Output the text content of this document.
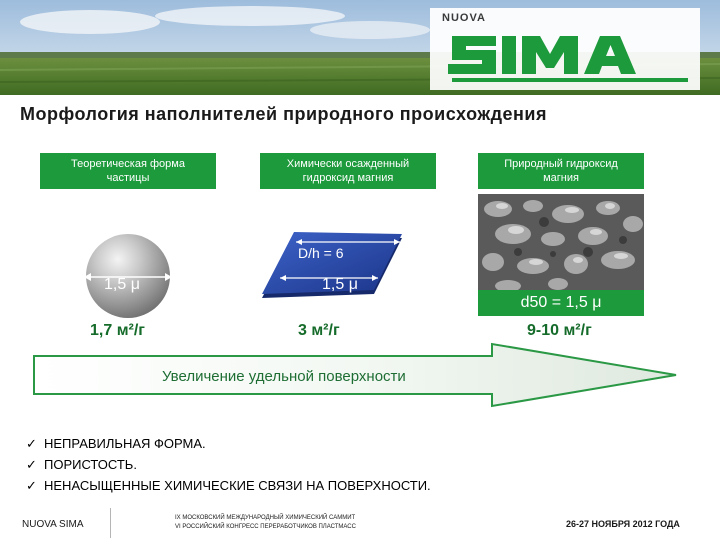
NUOVA
Морфология наполнителей природного происхождения
Теоретическая форма частицы
Химически осажденный гидроксид магния
Природный гидроксид магния
1,5 μ
D/h = 6
1,5 μ
d50 = 1,5 μ
1,7 м²/г	3 м²/г	9-10 м²/г
Увеличение удельной поверхности
✓ НЕПРАВИЛЬНАЯ ФОРМА.
✓ ПОРИСТОСТЬ.
✓ НЕНАСЫЩЕННЫЕ ХИМИЧЕСКИЕ СВЯЗИ НА ПОВЕРХНОСТИ.
NUOVA SIMA
IX МОСКОВСКИЙ МЕЖДУНАРОДНЫЙ ХИМИЧЕСКИЙ САММИТ
VI РОССИЙСКИЙ КОНГРЕСС ПЕРЕРАБОТЧИКОВ ПЛАСТМАСС	26-27 НОЯБРЯ 2012 ГОДА
